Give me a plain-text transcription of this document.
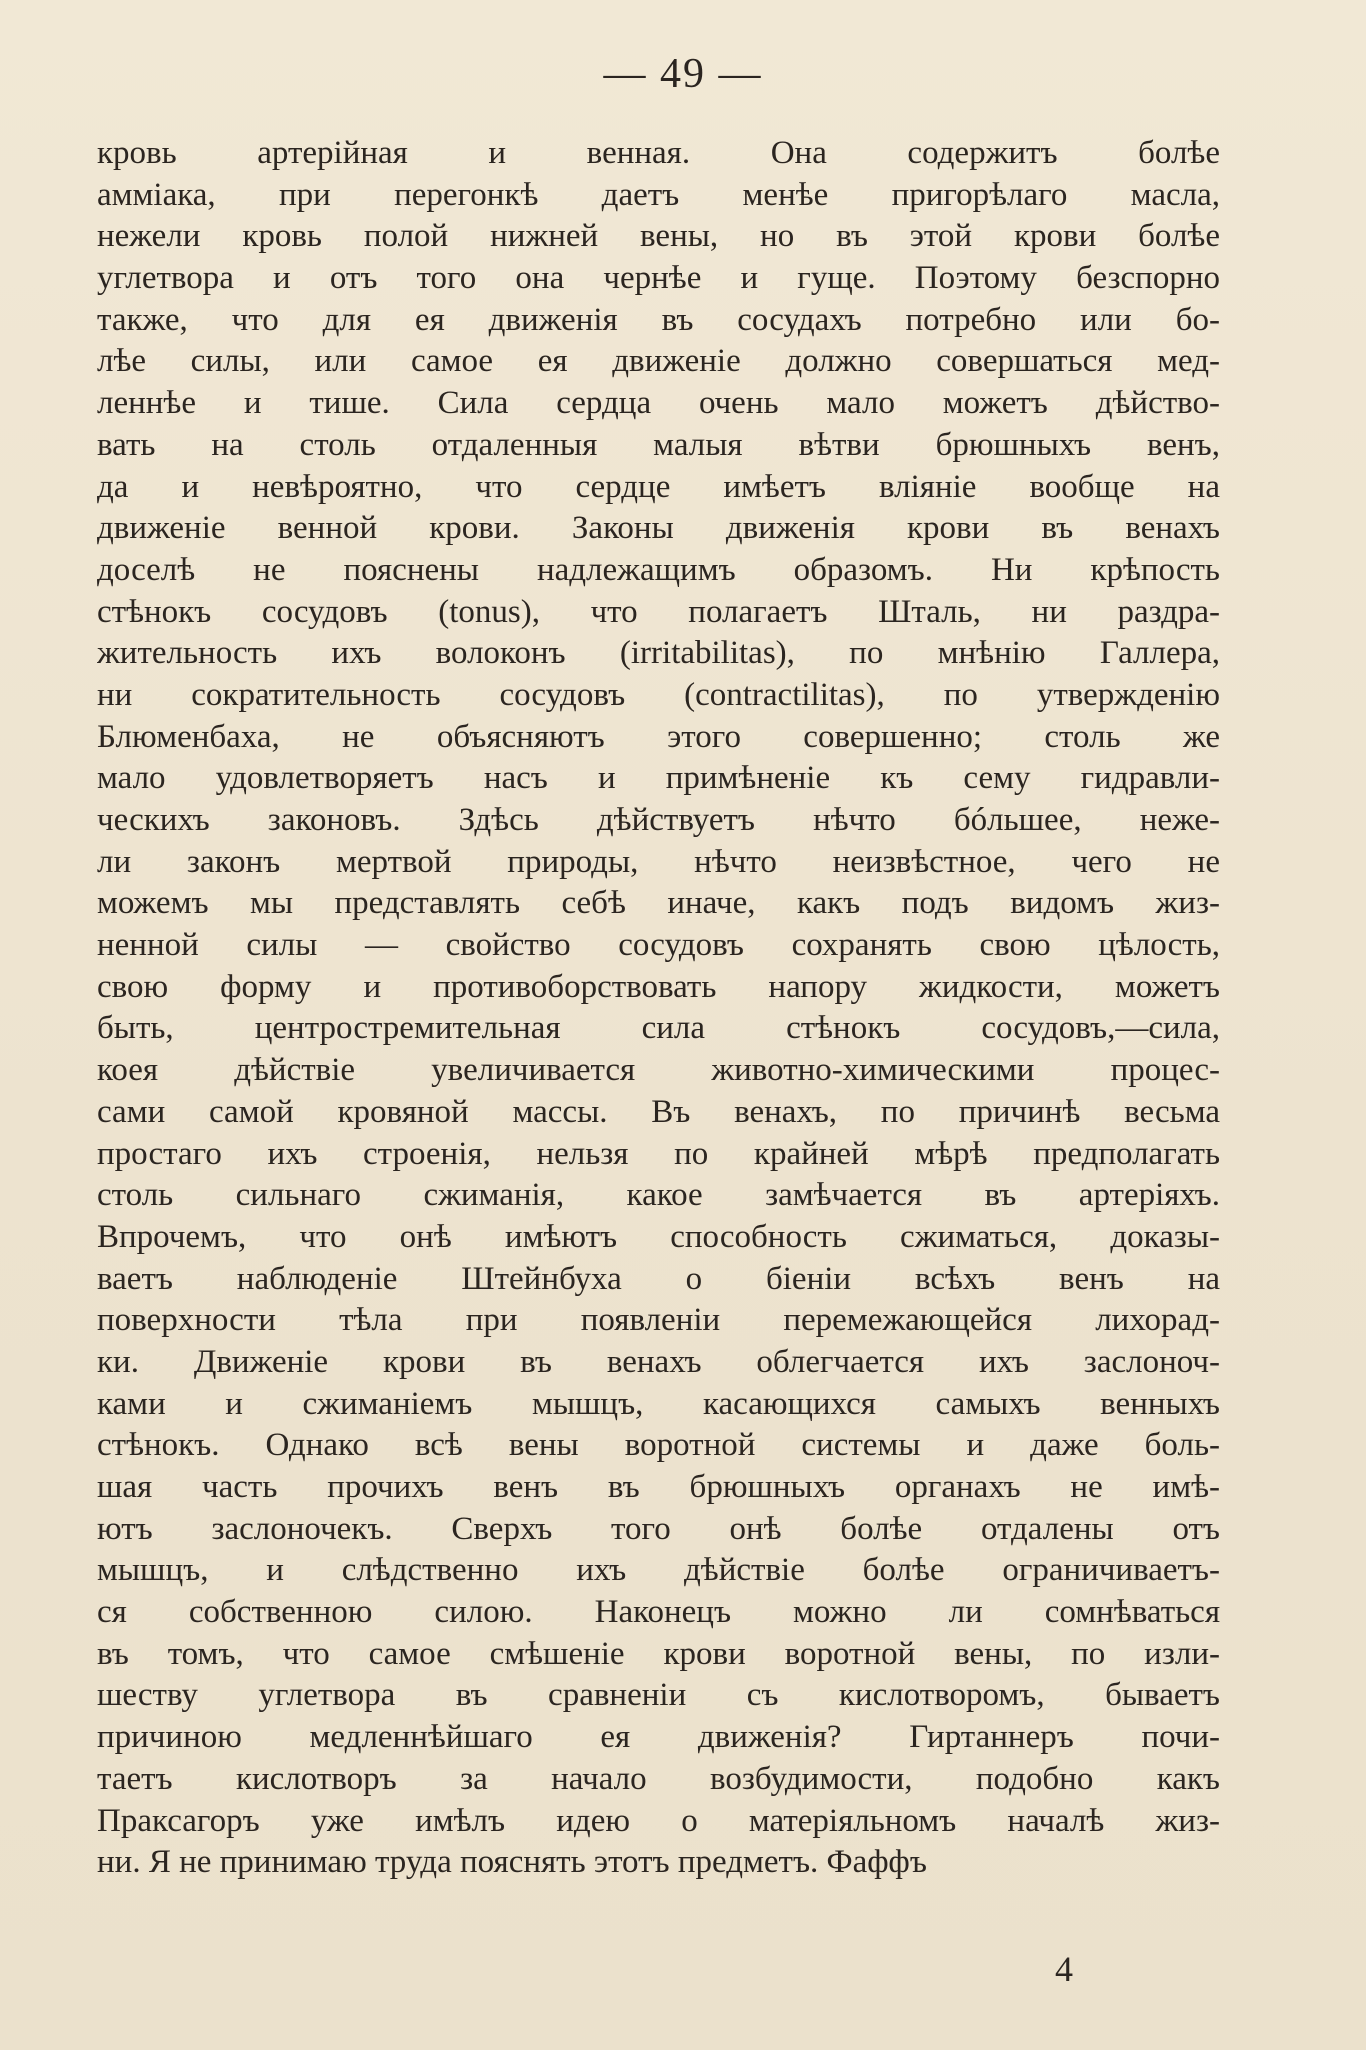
— 49 —
кровь артерійная и венная. Она содержитъ болѣе
аммiака, при перегонкѣ даетъ менѣе пригорѣлаго масла,
нежели кровь полой нижней вены, но въ этой крови болѣе
углетвора и отъ того она чернѣе и гуще. Поэтому безспорно
также, что для ея движенія въ сосудахъ потребно или бо-
лѣе силы, или самое ея движенiе должно совершаться мед-
леннѣе и тише. Сила сердца очень мало можетъ дѣйство-
вать на столь отдаленныя малыя вѣтви брюшныхъ венъ,
да и невѣроятно, что сердце имѣетъ влiянiе вообще на
движенiе венной крови. Законы движенія крови въ венахъ
доселѣ не пояснены надлежащимъ образомъ. Ни крѣпость
стѣнокъ сосудовъ (tonus), что полагаетъ Шталь, ни раздра-
жительность ихъ волоконъ (irritabilitas), по мнѣнію Галлера,
ни сократительность сосудовъ (contractilitas), по утвержденію
Блюменбаха, не объясняютъ этого совершенно; столь же
мало удовлетворяетъ насъ и примѣненiе къ сему гидравли-
ческихъ законовъ. Здѣсь дѣйствуетъ нѣчто бóльшее, неже-
ли законъ мертвой природы, нѣчто неизвѣстное, чего не
можемъ мы представлять себѣ иначе, какъ подъ видомъ жиз-
ненной силы — свойство сосудовъ сохранять свою цѣлость,
свою форму и противоборствовать напору жидкости, можетъ
быть, центростремительная сила стѣнокъ сосудовъ,—сила,
коея дѣйствiе увеличивается животно-химическими процес-
сами самой кровяной массы. Въ венахъ, по причинѣ весьма
простаго ихъ строенія, нельзя по крайней мѣрѣ предполагать
столь сильнаго сжиманiя, какое замѣчается въ артерiяхъ.
Впрочемъ, что онѣ имѣютъ способность сжиматься, доказы-
ваетъ наблюденiе Штейнбуха о бiенiи всѣхъ венъ на
поверхности тѣла при появленiи перемежающейся лихорад-
ки. Движенiе крови въ венахъ облегчается ихъ заслоноч-
ками и сжиманiемъ мышцъ, касающихся самыхъ венныхъ
стѣнокъ. Однако всѣ вены воротной системы и даже боль-
шая часть прочихъ венъ въ брюшныхъ органахъ не имѣ-
ютъ заслоночекъ. Сверхъ того онѣ болѣе отдалены отъ
мышцъ, и слѣдственно ихъ дѣйствiе болѣе ограничиваетъ-
ся собственною силою. Наконецъ можно ли сомнѣваться
въ томъ, что самое смѣшенiе крови воротной вены, по изли-
шеству углетвора въ сравненiи съ кислотворомъ, бываетъ
причиною медленнѣйшаго ея движенія? Гиртаннеръ почи-
таетъ кислотворъ за начало возбудимости, подобно какъ
Праксагоръ уже имѣлъ идею о матерiяльномъ началѣ жиз-
ни. Я не принимаю труда пояснять этотъ предметъ. Фаффъ
4
